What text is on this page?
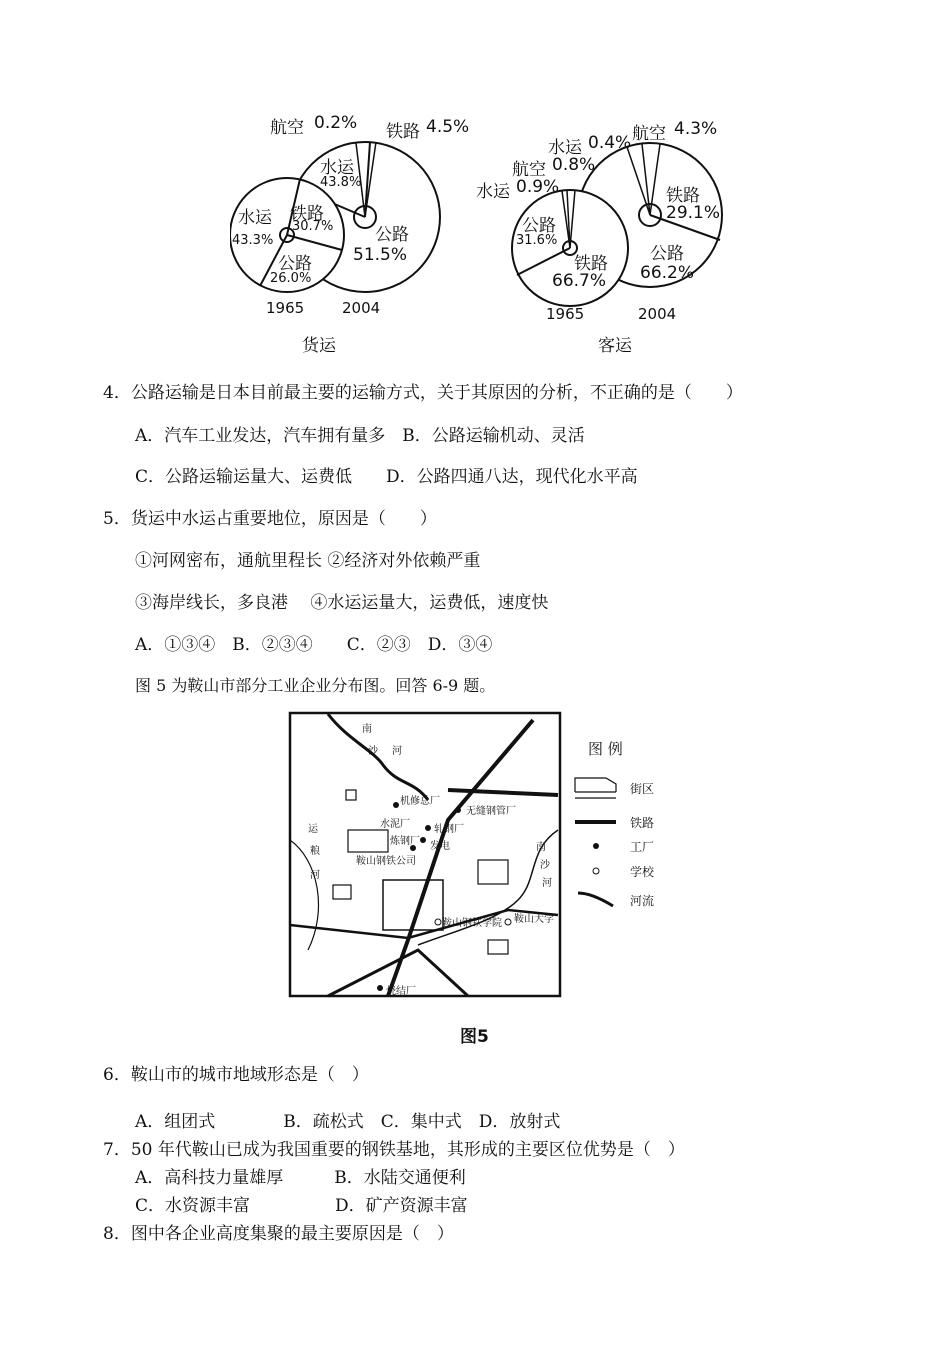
航空 0.2% 铁路 4.5%
水运
43.8%
公路
51.5%
水运
43.3%
铁路
30.7%
公路
26.0%
1965	2004
货运
水运 0.4% 航空 4.3%
航空 0.8%
水运 0.9%	铁路
29.1%
公路
66.2%
公路
31.6%
铁路
66.7%
1965	2004
客运
4．公路运输是日本目前最主要的运输方式，关于其原因的分析，不正确的是（　　）
A．汽车工业发达，汽车拥有量多　B．公路运输机动、灵活
C．公路运输运量大、运费低　　D．公路四通八达，现代化水平高
5．货运中水运占重要地位，原因是（　　）
①河网密布，通航里程长 ②经济对外依赖严重
③海岸线长，多良港　 ④水运运量大，运费低，速度快
A．①③④　B．②③④　　C．②③　D．③④
图 5 为鞍山市部分工业企业分布图。回答 6-9 题。
图 例
街区
铁路
工厂
学校
河流
南
沙 河
运
粮
河
南
沙
河
机修总厂
无缝钢管厂
水泥厂 轧钢厂
炼钢厂 发电
鞍山钢铁公司
鞍山钢铁学院 鞍山大学
烧结厂
图5
6．鞍山市的城市地域形态是（　）
A．组团式　　　　B．疏松式　C．集中式　D．放射式
7．50 年代鞍山已成为我国重要的钢铁基地，其形成的主要区位优势是（　）
A．高科技力量雄厚　　　B．水陆交通便利
C．水资源丰富　　　　　D．矿产资源丰富
8．图中各企业高度集聚的最主要原因是（　）
